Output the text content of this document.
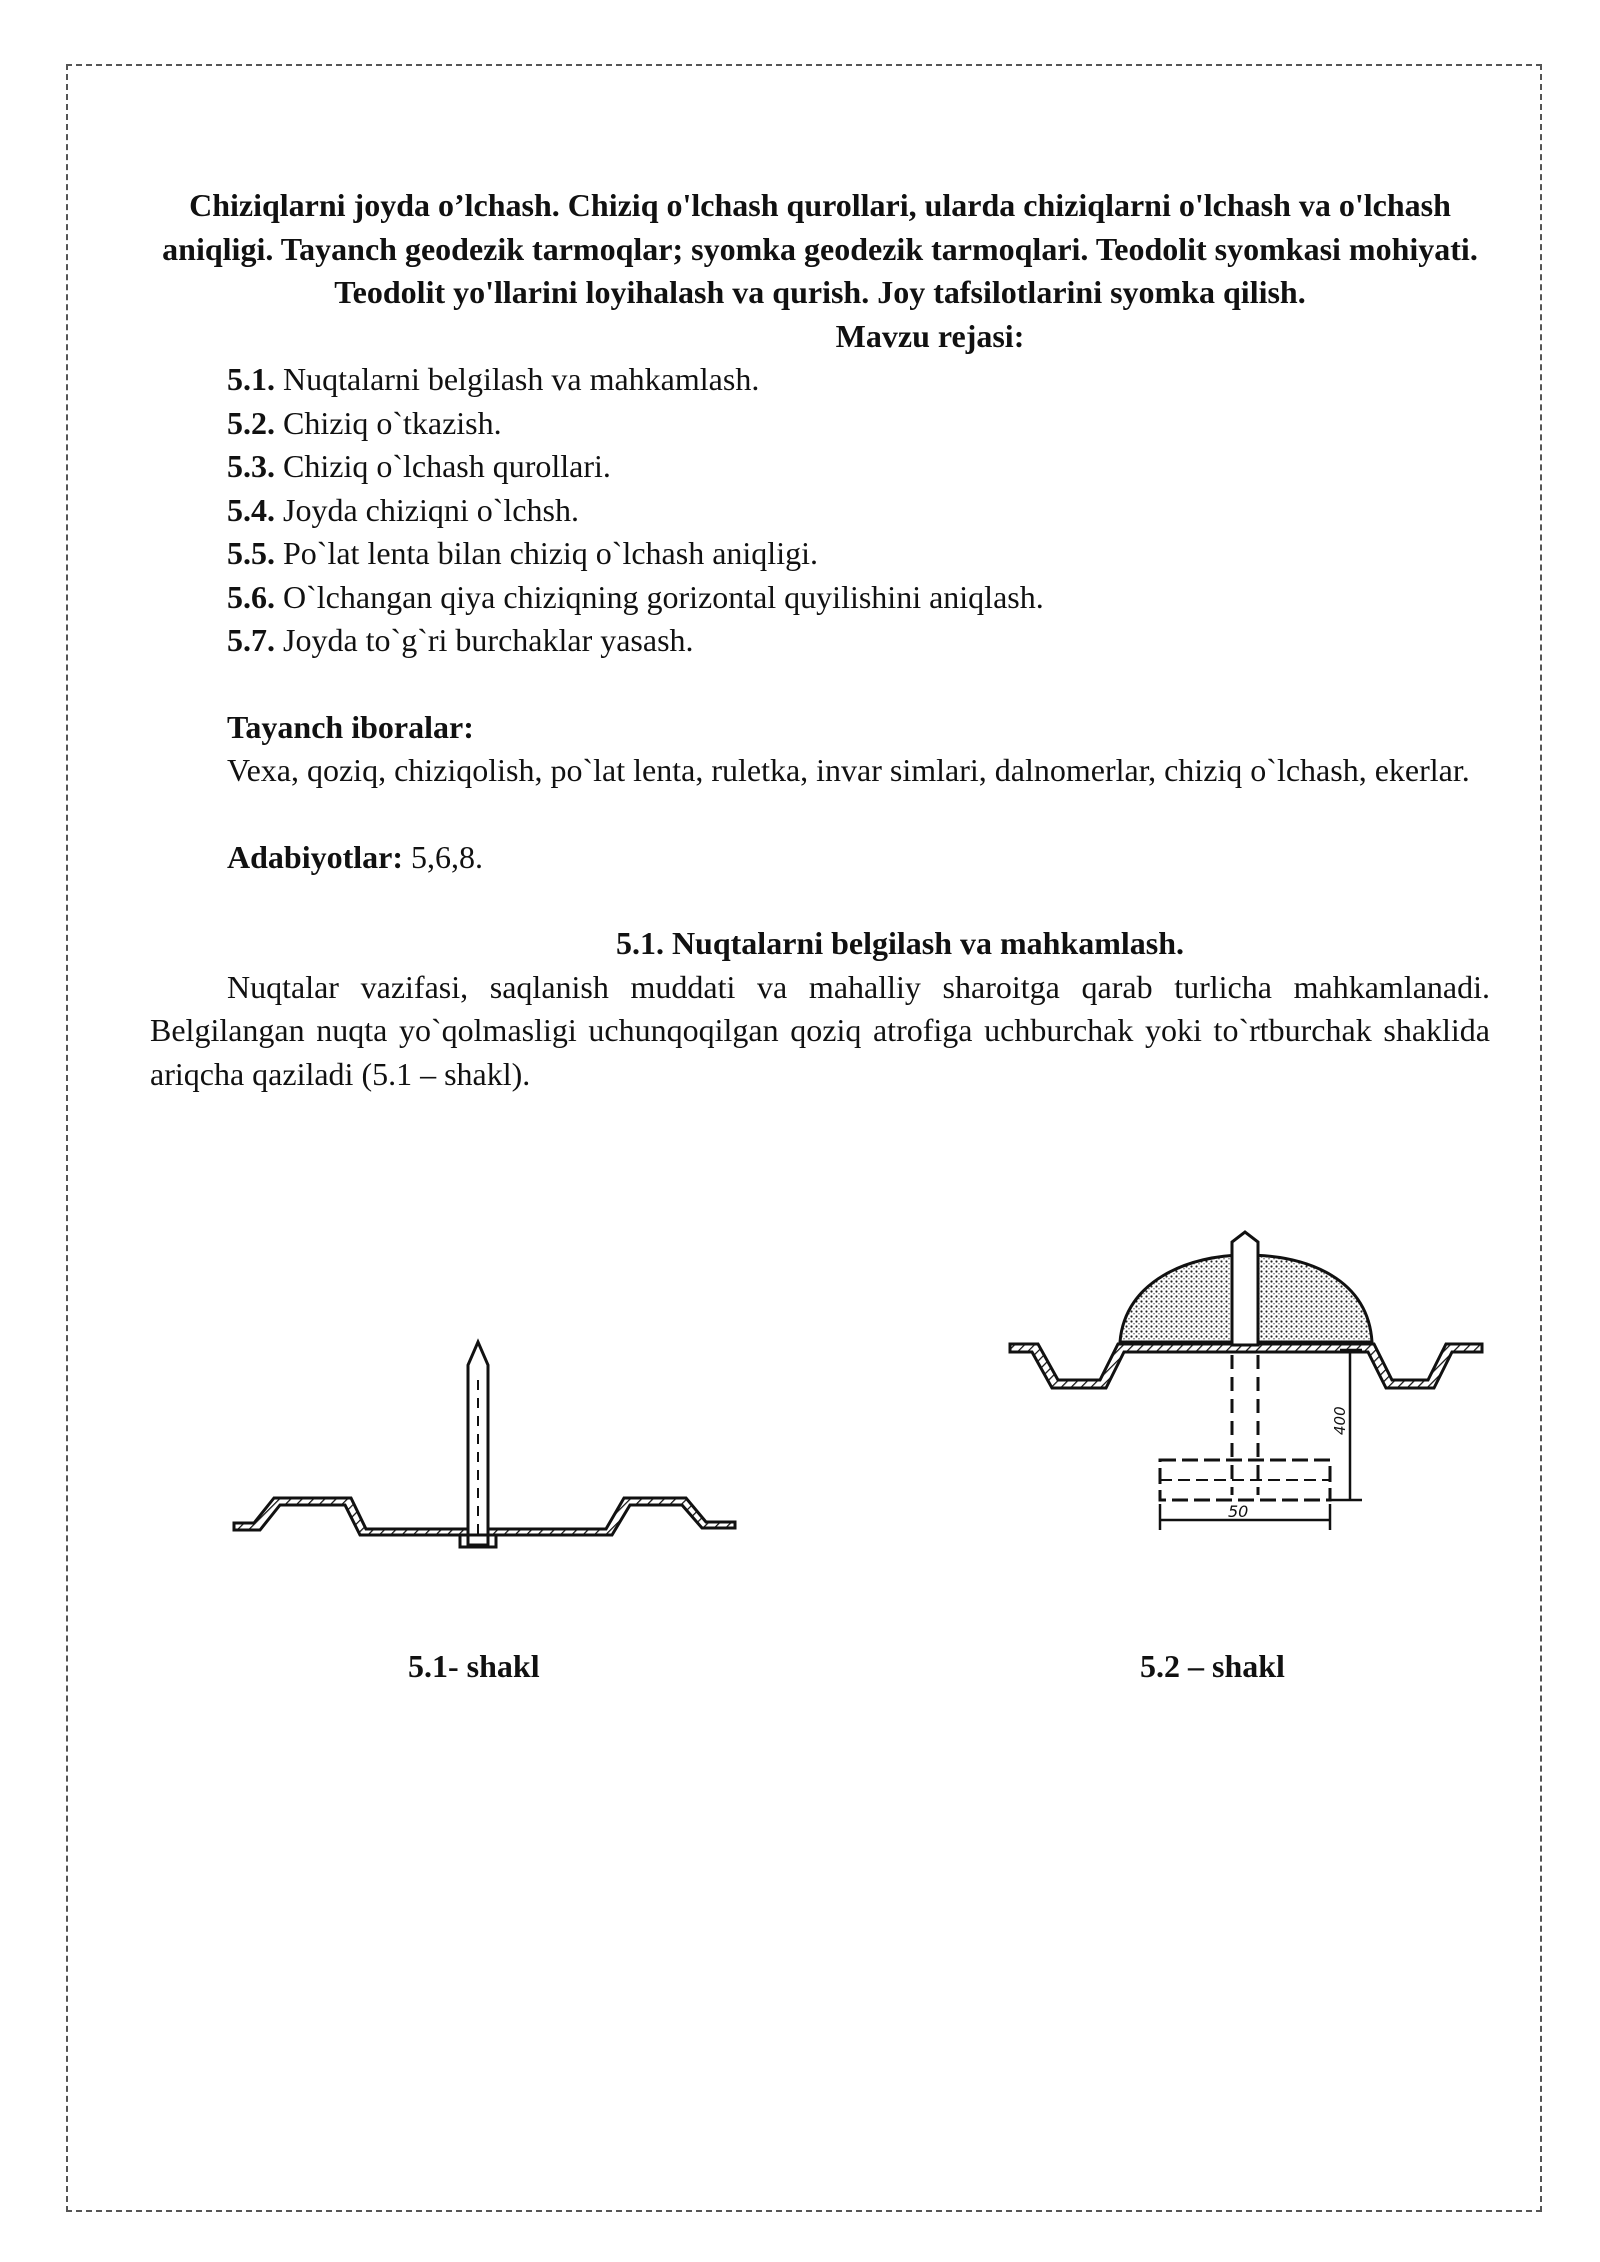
Chiziqlarni joyda o’lchash. Chiziq o'lchash qurollari, ularda chiziqlarni o'lchash va o'lchash aniqligi. Tayanch geodezik tarmoqlar; syomka geodezik tarmoqlari. Teodolit syomkasi mohiyati. Teodolit yo'llarini loyihalash va qurish. Joy tafsilotlarini syomka qilish.

Mavzu rejasi:

5.1. Nuqtalarni belgilash va mahkamlash.
5.2. Chiziq o`tkazish.
5.3. Chiziq o`lchash qurollari.
5.4. Joyda chiziqni o`lchsh.
5.5. Po`lat lenta bilan chiziq o`lchash aniqligi.
5.6. O`lchangan qiya chiziqning gorizontal quyilishini aniqlash.
5.7. Joyda to`g`ri burchaklar yasash.

Tayanch iboralar:

Vexa, qoziq, chiziqolish, po`lat lenta, ruletka, invar simlari, dalnomerlar, chiziq o`lchash, ekerlar.

Adabiyotlar: 5,6,8.

5.1. Nuqtalarni belgilash va mahkamlash.

Nuqtalar vazifasi, saqlanish muddati va mahalliy sharoitga qarab turlicha mahkamlanadi. Belgilangan nuqta yo`qolmasligi uchunqoqilgan qoziq atrofiga uchburchak yoki to`rtburchak shaklida ariqcha qaziladi (5.1 – shakl).

400
50
5.1- shakl	5.2 – shakl
